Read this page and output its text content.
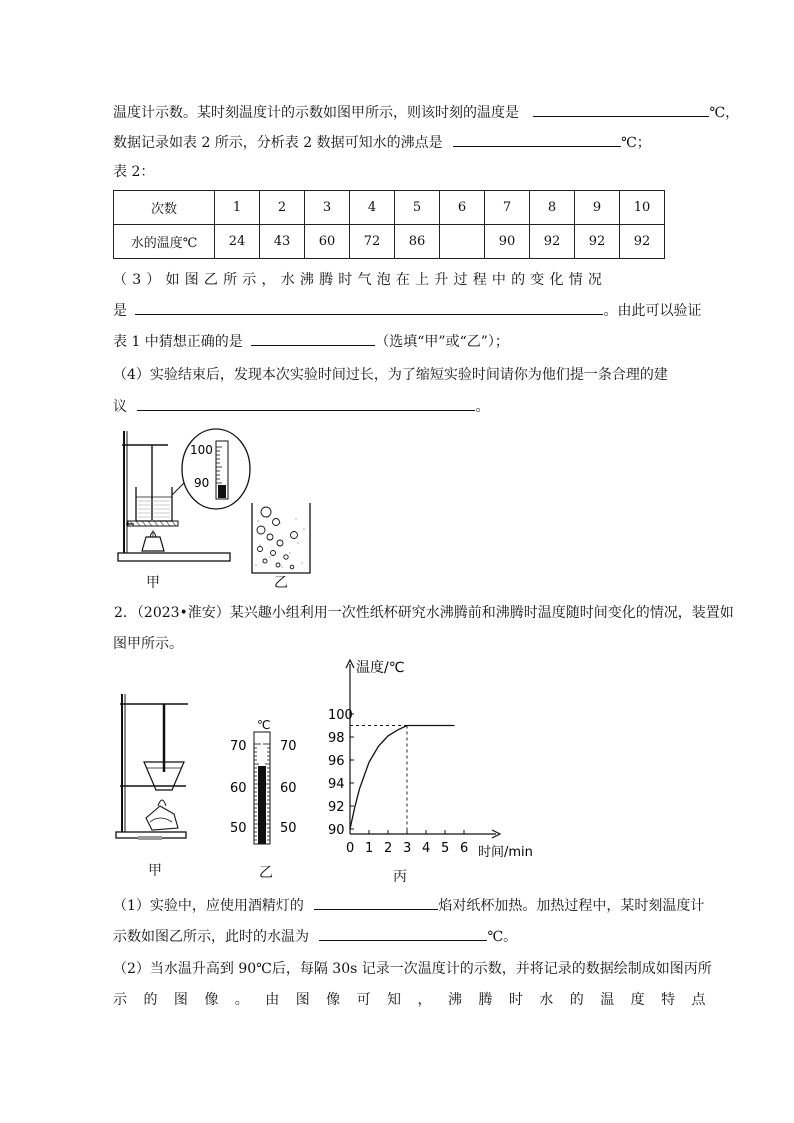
温度计示数。某时刻温度计的示数如图甲所示，则该时刻的温度是	℃，
数据记录如表 2 所示，分析表 2 数据可知水的沸点是	℃；
表 2：
次数	1	2	3	4	5	6	7	8	9	10
水的温度℃	24	43	60	72	86		90	92	92	92
（3）如图乙所示，水沸腾时气泡在上升过程中的变化情况
是	。由此可以验证
表 1 中猜想正确的是	（选填“甲”或“乙”）；
（4）实验结束后，发现本次实验时间过长，为了缩短实验时间请你为他们提一条合理的建
议	。
100
90
甲	乙
2．（2023•淮安）某兴趣小组利用一次性纸杯研究水沸腾前和沸腾时温度随时间变化的情况，装置如
图甲所示。
℃
70
60
50
70
60
50
0 1 2 3 4 5 6
90
92
94
96
98
100
温度/℃
时间/min
甲	乙	丙
（1）实验中，应使用酒精灯的	焰对纸杯加热。加热过程中，某时刻温度计
示数如图乙所示，此时的水温为	℃。
（2）当水温升高到 90℃后，每隔 30s 记录一次温度计的示数，并将记录的数据绘制成如图丙所
示 的 图 像 。 由 图 像 可 知 ， 沸 腾 时 水 的 温 度 特 点
